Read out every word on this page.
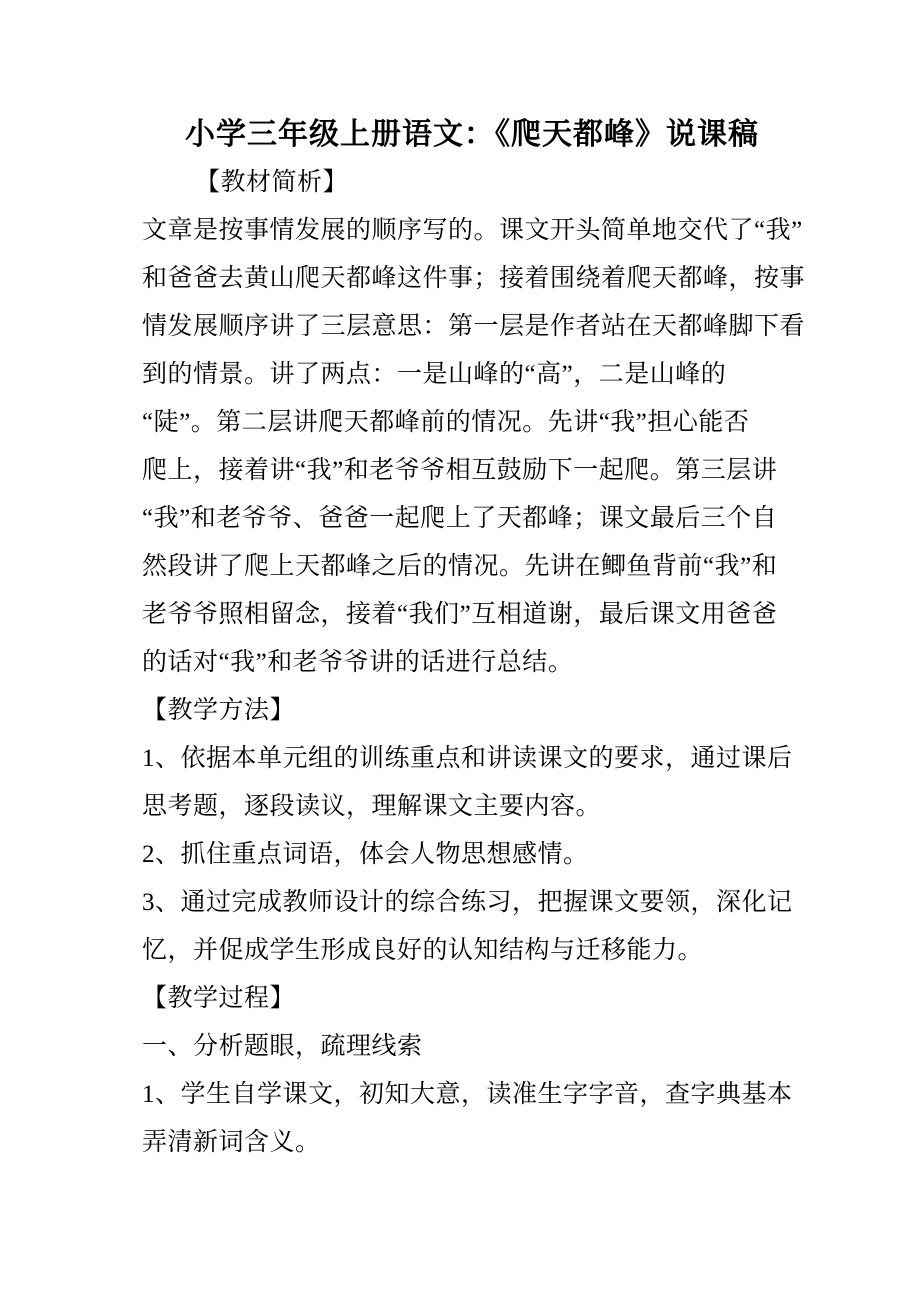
小学三年级上册语文：《爬天都峰》说课稿

【教材简析】

文章是按事情发展的顺序写的。课文开头简单地交代了“我”
和爸爸去黄山爬天都峰这件事；接着围绕着爬天都峰，按事
情发展顺序讲了三层意思：第一层是作者站在天都峰脚下看
到的情景。讲了两点：一是山峰的“高”，二是山峰的
“陡”。第二层讲爬天都峰前的情况。先讲“我”担心能否
爬上，接着讲“我”和老爷爷相互鼓励下一起爬。第三层讲
“我”和老爷爷、爸爸一起爬上了天都峰；课文最后三个自
然段讲了爬上天都峰之后的情况。先讲在鲫鱼背前“我”和
老爷爷照相留念，接着“我们”互相道谢，最后课文用爸爸
的话对“我”和老爷爷讲的话进行总结。

【教学方法】

1、依据本单元组的训练重点和讲读课文的要求，通过课后
思考题，逐段读议，理解课文主要内容。

2、抓住重点词语，体会人物思想感情。

3、通过完成教师设计的综合练习，把握课文要领，深化记
忆，并促成学生形成良好的认知结构与迁移能力。

【教学过程】

一、分析题眼，疏理线索

1、学生自学课文，初知大意，读准生字字音，查字典基本
弄清新词含义。
